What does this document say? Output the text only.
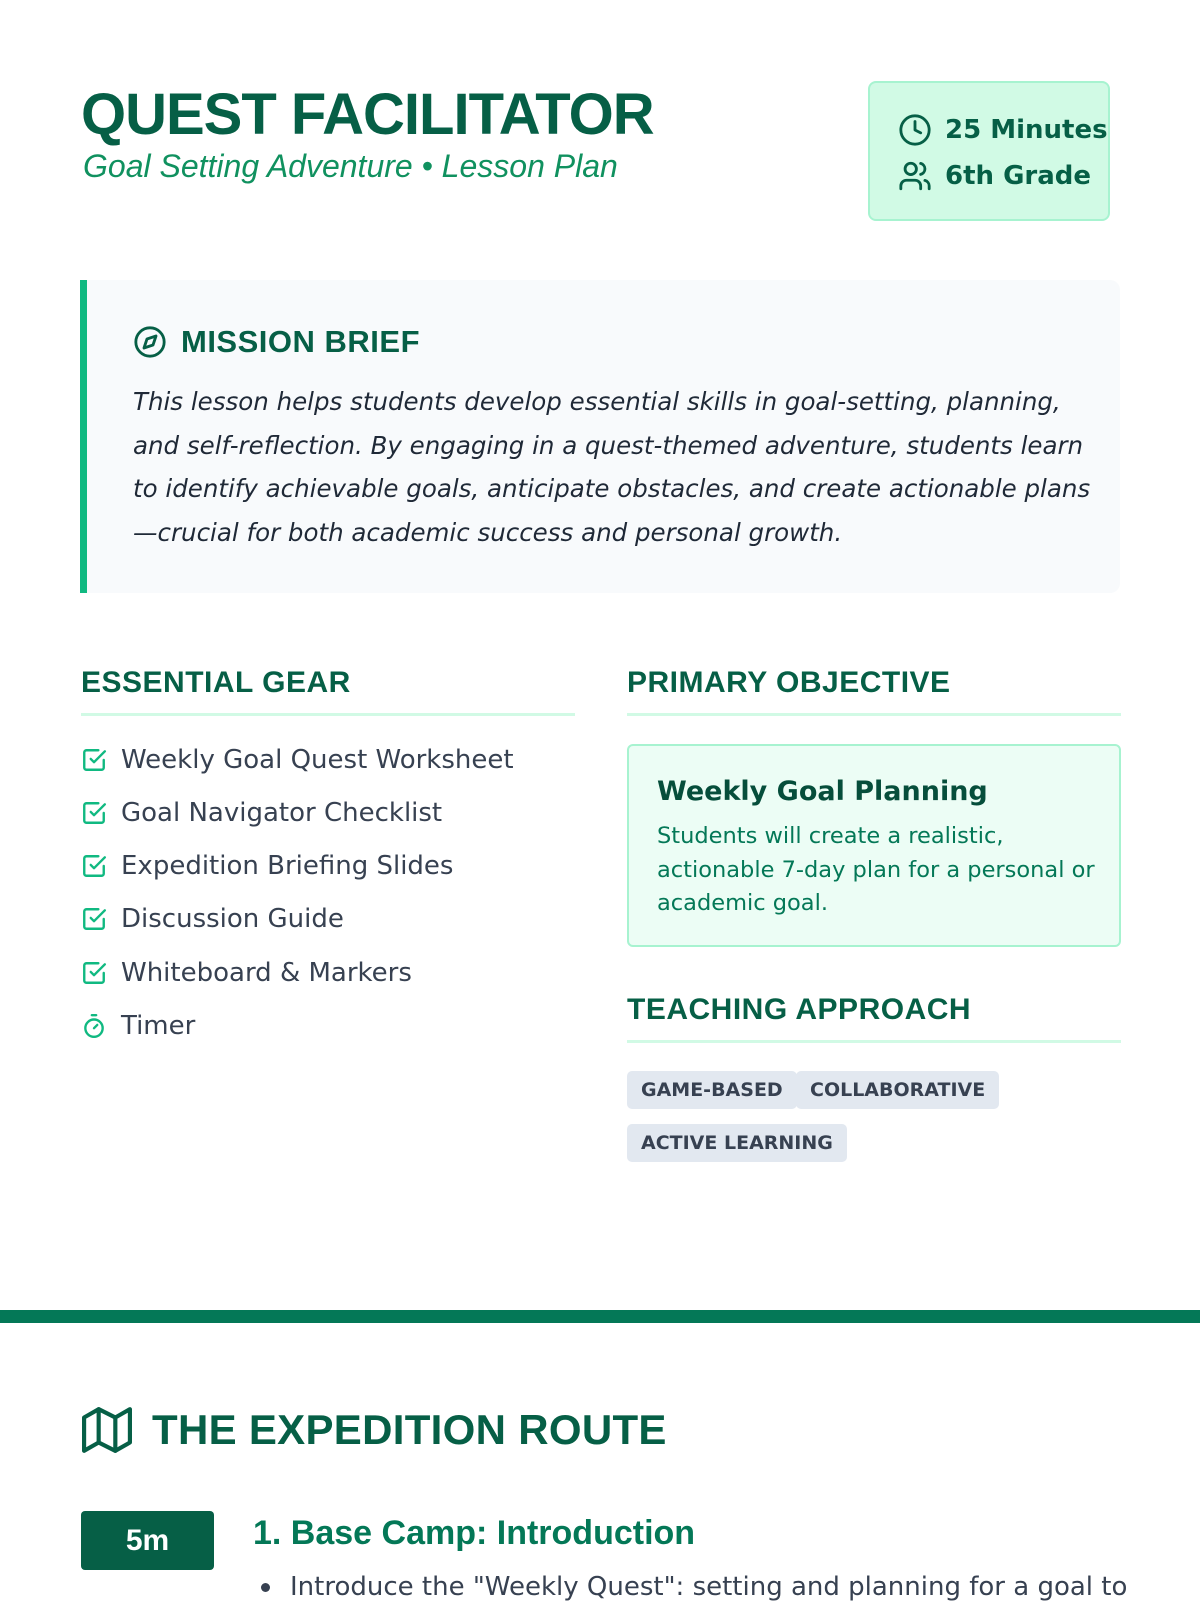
QUEST FACILITATOR

Goal Setting Adventure • Lesson Plan

25 Minutes
6th Grade
MISSION BRIEF

This lesson helps students develop essential skills in goal-setting, planning, and self-reflection. By engaging in a quest-themed adventure, students learn to identify achievable goals, anticipate obstacles, and create actionable plans—crucial for both academic success and personal growth.

ESSENTIAL GEAR
Weekly Goal Quest Worksheet
Goal Navigator Checklist
Expedition Briefing Slides
Discussion Guide
Whiteboard & Markers
Timer
PRIMARY OBJECTIVE

Weekly Goal Planning

Students will create a realistic, actionable 7-day plan for a personal or academic goal.

TEACHING APPROACH
GAME-BASED	COLLABORATIVE
ACTIVE LEARNING
THE EXPEDITION ROUTE
5m	1. Base Camp: Introduction
Introduce the "Weekly Quest": setting and planning for a goal to
